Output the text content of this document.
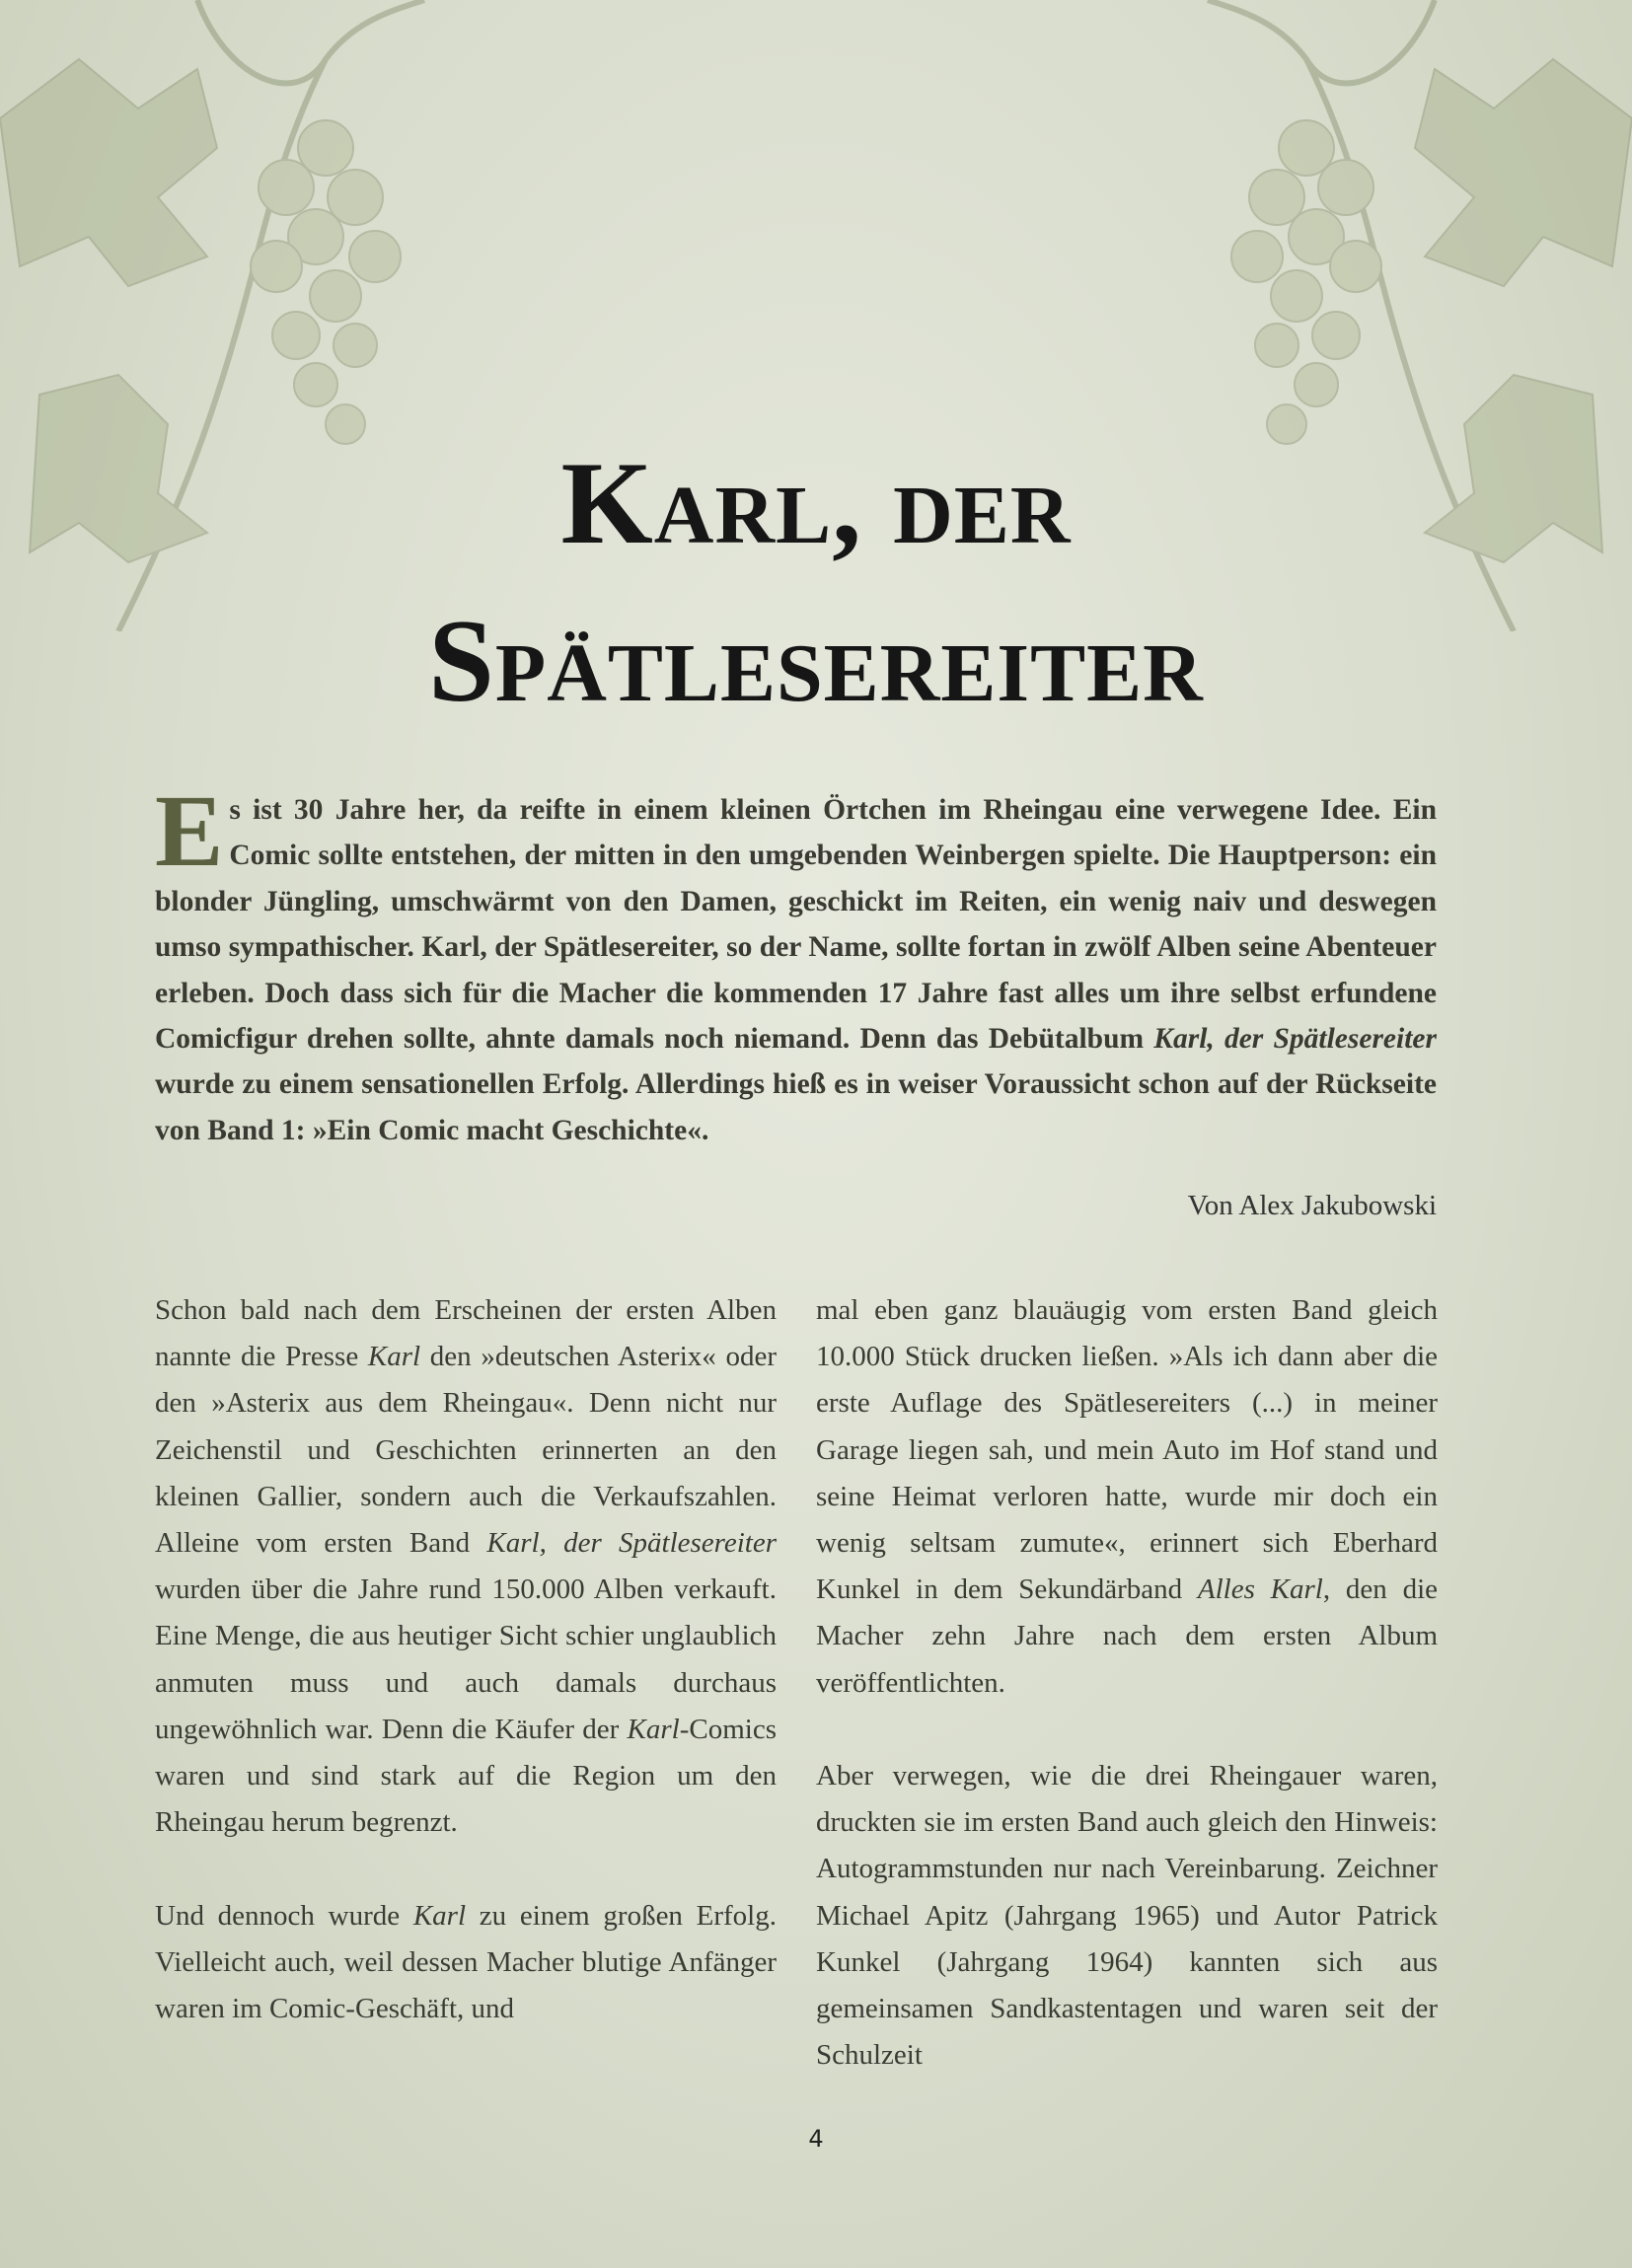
Karl, der
Spätlesereiter

Es ist 30 Jahre her, da reifte in einem kleinen Örtchen im Rheingau eine verwegene Idee. Ein Comic sollte entstehen, der mitten in den umgebenden Weinbergen spielte. Die Hauptperson: ein blonder Jüngling, umschwärmt von den Damen, geschickt im Reiten, ein wenig naiv und deswegen umso sympathischer. Karl, der Spätlesereiter, so der Name, sollte fortan in zwölf Alben seine Abenteuer erleben. Doch dass sich für die Macher die kommenden 17 Jahre fast alles um ihre selbst erfundene Comicfigur drehen sollte, ahnte damals noch niemand. Denn das Debütalbum Karl, der Spätlesereiter wurde zu einem sensationellen Erfolg. Allerdings hieß es in weiser Voraussicht schon auf der Rückseite von Band 1: »Ein Comic macht Geschichte«.

Von Alex Jakubowski

Schon bald nach dem Erscheinen der ersten Alben nannte die Presse Karl den »deutschen Asterix« oder den »Asterix aus dem Rheingau«. Denn nicht nur Zeichenstil und Geschichten erinnerten an den kleinen Gallier, sondern auch die Verkaufszahlen. Alleine vom ersten Band Karl, der Spätlesereiter wurden über die Jahre rund 150.000 Alben verkauft. Eine Menge, die aus heutiger Sicht schier unglaublich anmuten muss und auch damals durchaus ungewöhnlich war. Denn die Käufer der Karl-Comics waren und sind stark auf die Region um den Rheingau herum begrenzt.

Und dennoch wurde Karl zu einem großen Erfolg. Vielleicht auch, weil dessen Macher blutige Anfänger waren im Comic-Geschäft, und

mal eben ganz blauäugig vom ersten Band gleich 10.000 Stück drucken ließen. »Als ich dann aber die erste Auflage des Spätlesereiters (...) in meiner Garage liegen sah, und mein Auto im Hof stand und seine Heimat verloren hatte, wurde mir doch ein wenig seltsam zumute«, erinnert sich Eberhard Kunkel in dem Sekundärband Alles Karl, den die Macher zehn Jahre nach dem ersten Album veröffentlichten.

Aber verwegen, wie die drei Rheingauer waren, druckten sie im ersten Band auch gleich den Hinweis: Autogrammstunden nur nach Vereinbarung. Zeichner Michael Apitz (Jahrgang 1965) und Autor Patrick Kunkel (Jahrgang 1964) kannten sich aus gemeinsamen Sandkastentagen und waren seit der Schulzeit

4
